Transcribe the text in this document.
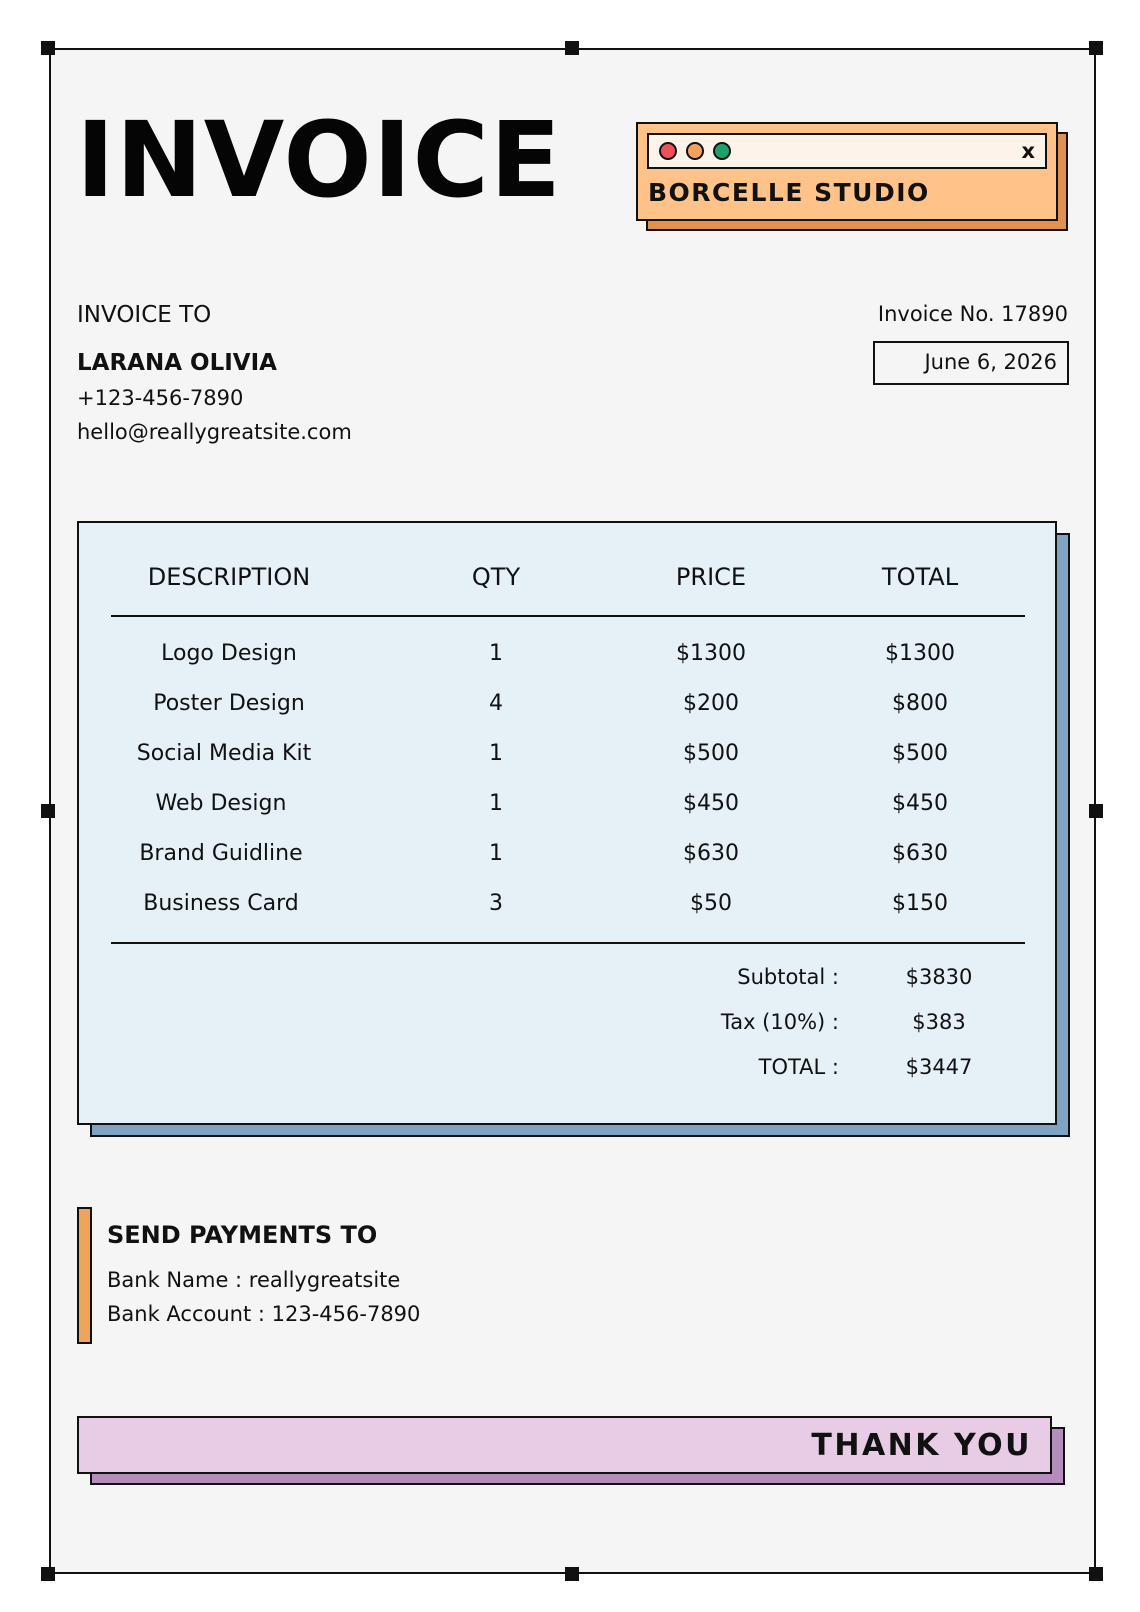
INVOICE	x
BORCELLE STUDIO
INVOICE TO
LARANA OLIVIA
+123-456-7890
hello@reallygreatsite.com
Invoice No. 17890
June 6, 2026
DESCRIPTION	QTY	PRICE	TOTAL
Logo Design	1	$1300	$1300
Poster Design	4	$200	$800
Social Media Kit	1	$500	$500
Web Design	1	$450	$450
Brand Guidline	1	$630	$630
Business Card	3	$50	$150
Subtotal :	$3830
Tax (10%) :	$383
TOTAL :	$3447
SEND PAYMENTS TO
Bank Name : reallygreatsite
Bank Account : 123-456-7890
THANK YOU
